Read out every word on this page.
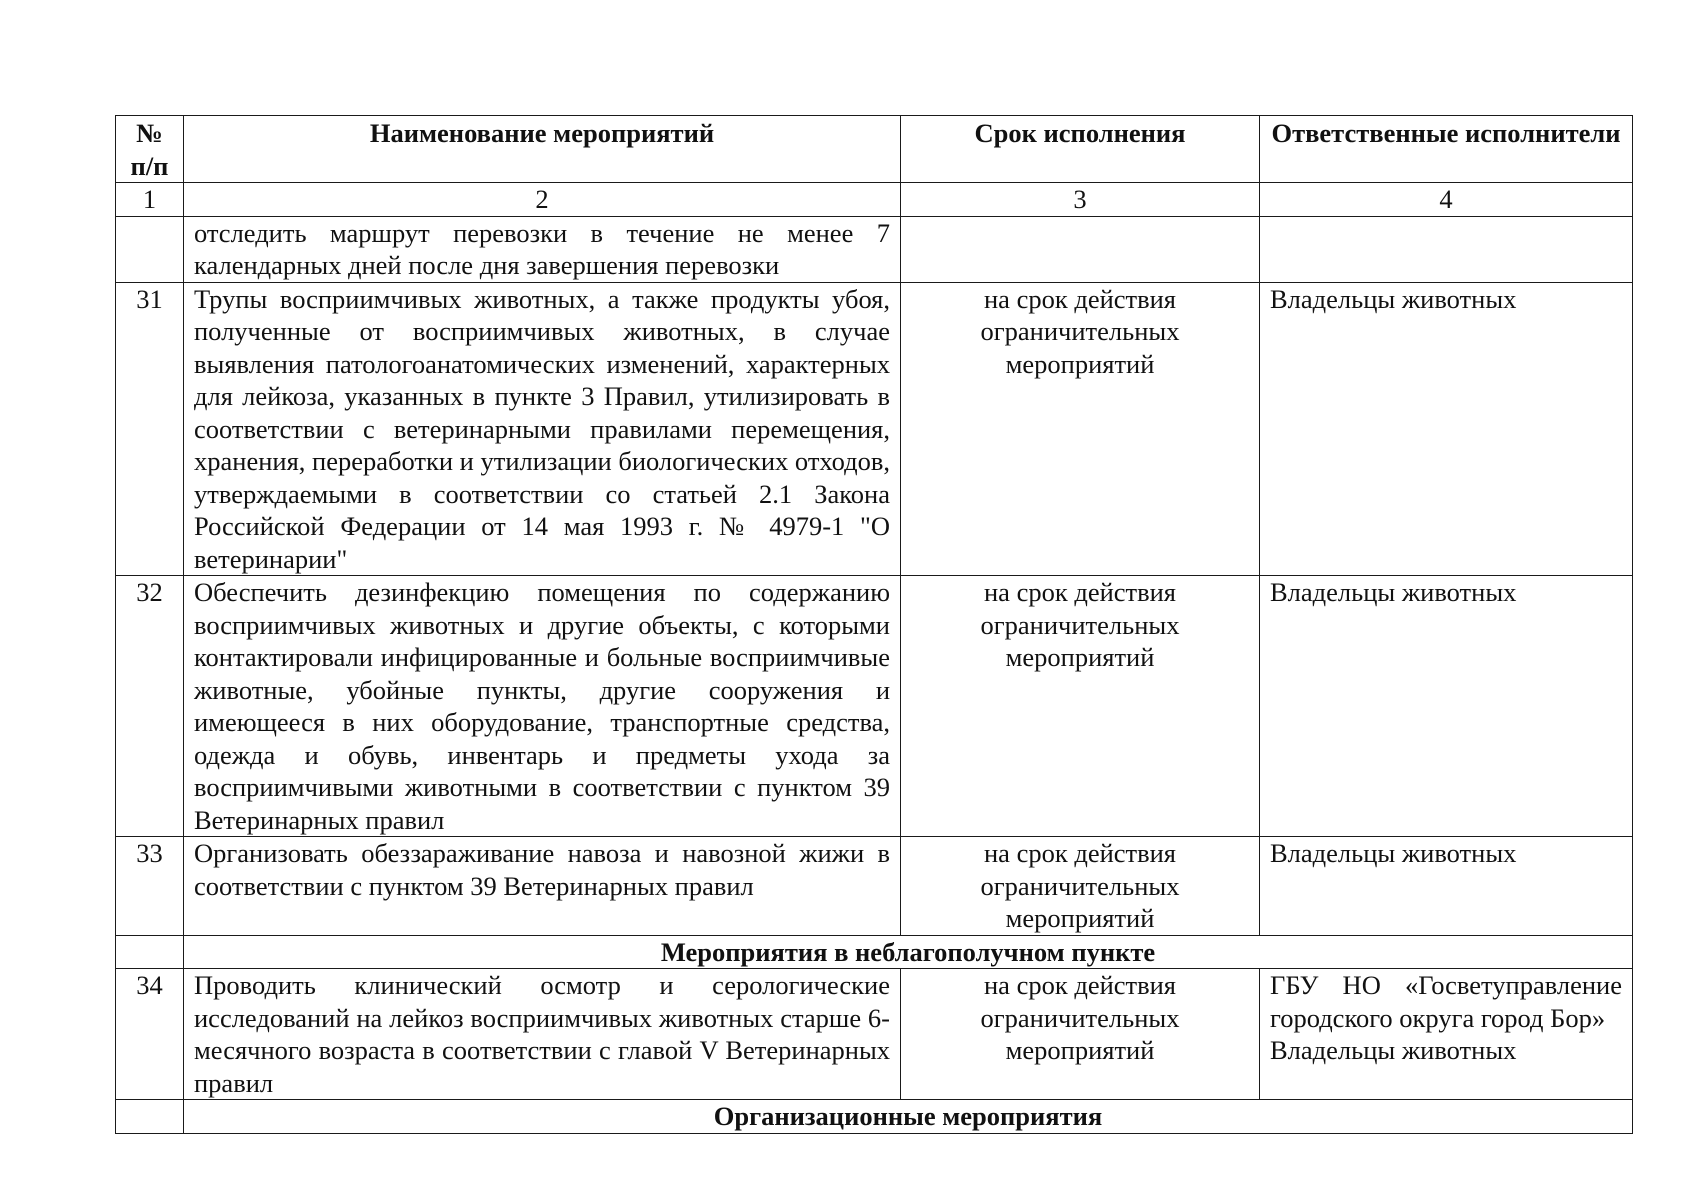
№ п/п	Наименование мероприятий	Срок исполнения	Ответственные исполнители
1	2	3	4
	отследить маршрут перевозки в течение не менее 7 календарных дней после дня завершения перевозки		
31	Трупы восприимчивых животных, а также продукты убоя, полученные от восприимчивых животных, в случае выявления патологоанатомических изменений, характерных для лейкоза, указанных в пункте 3 Правил, утилизировать в соответствии с ветеринарными правилами перемещения, хранения, переработки и утилизации биологических отходов, утверждаемыми в соответствии со статьей 2.1 Закона Российской Федерации от 14 мая 1993 г. № 4979-1 "О ветеринарии"	на срок действия ограничительных мероприятий	Владельцы животных
32	Обеспечить дезинфекцию помещения по содержанию восприимчивых животных и другие объекты, с которыми контактировали инфицированные и больные восприимчивые животные, убойные пункты, другие сооружения и имеющееся в них оборудование, транспортные средства, одежда и обувь, инвентарь и предметы ухода за восприимчивыми животными в соответствии с пунктом 39 Ветеринарных правил	на срок действия ограничительных мероприятий	Владельцы животных
33	Организовать обеззараживание навоза и навозной жижи в соответствии с пунктом 39 Ветеринарных правил	на срок действия ограничительных мероприятий	Владельцы животных
	Мероприятия в неблагополучном пункте		
34	Проводить клинический осмотр и серологические исследований на лейкоз восприимчивых животных старше 6-месячного возраста в соответствии с главой V Ветеринарных правил	на срок действия ограничительных мероприятий	ГБУ НО «Госветуправление городского округа город Бор»
Владельцы животных

	Организационные мероприятия		
